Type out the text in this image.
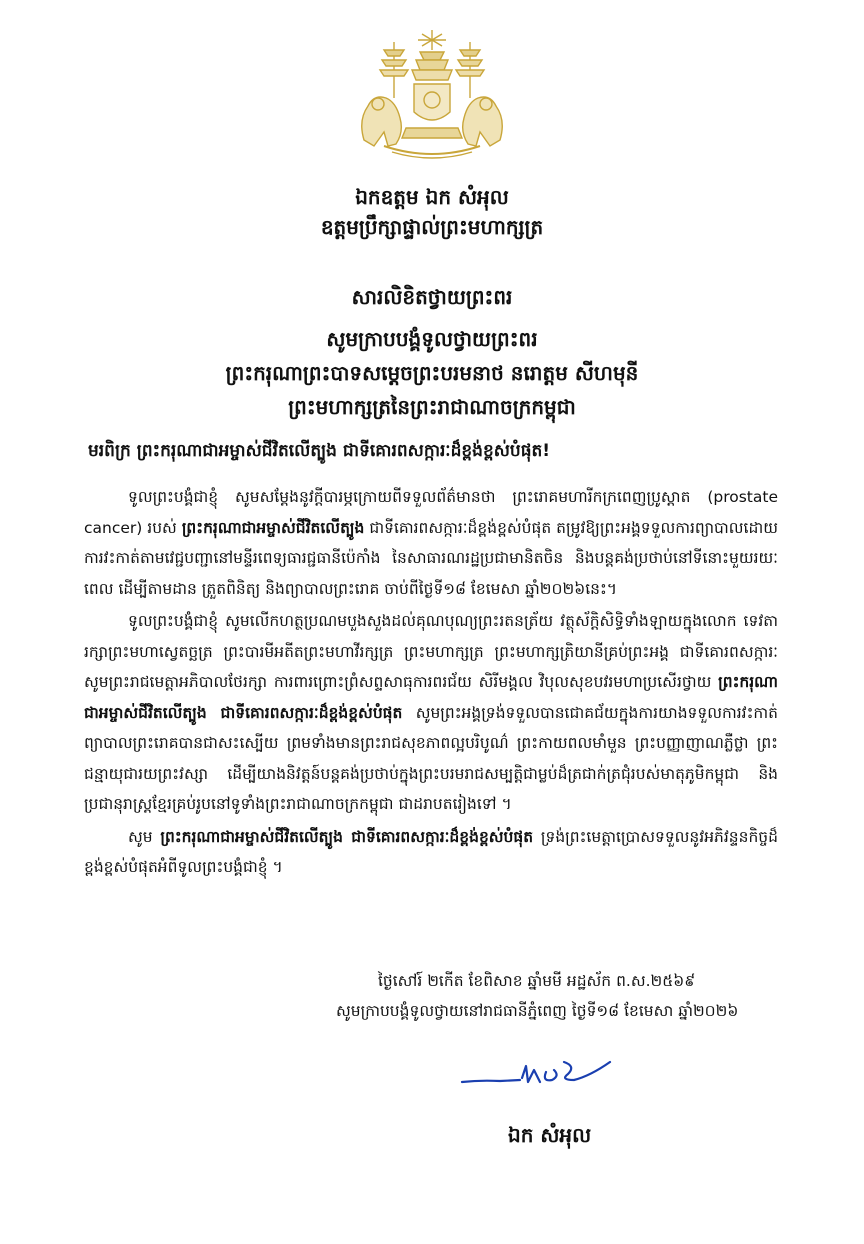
ឯកឧត្តម ឯក សំអុល
ឧត្តមប្រឹក្សាផ្ទាល់ព្រះមហាក្សត្រ
សារលិខិតថ្វាយព្រះពរ
សូមក្រាបបង្គំទូលថ្វាយព្រះពរ
ព្រះករុណាព្រះបាទសម្ដេចព្រះបរមនាថ នរោត្តម សីហមុនី
ព្រះមហាក្សត្រនៃព្រះរាជាណាចក្រកម្ពុជា
មរពិក្រ ព្រះករុណាជាអម្ចាស់ជីវិតលើត្បូង ជាទីគោរពសក្ការៈដ៏ខ្ពង់ខ្ពស់បំផុត!

ទូលព្រះបង្គំជាខ្ញុំ សូមសម្ដែងនូវក្ដីបារម្ភក្រោយពីទទួលព័ត៌មានថា ព្រះរោគមហារីកក្រពេញប្រូស្តាត (prostate cancer) របស់ ព្រះករុណាជាអម្ចាស់ជីវិតលើត្បូង ជាទីគោរពសក្ការៈដ៏ខ្ពង់ខ្ពស់បំផុត តម្រូវឱ្យព្រះអង្គទទួលការព្យាបាលដោយការវះកាត់តាមវេជ្ជបញ្ជានៅមន្ទីរពេទ្យធារជ្ជធានីប៉េកាំង នៃសាធារណរដ្ឋប្រជាមានិតចិន និងបន្តគង់ប្រថាប់នៅទីនោះមួយរយៈពេល ដើម្បីតាមដាន ត្រួតពិនិត្យ និងព្យាបាលព្រះរោគ ចាប់ពីថ្ងៃទី១៨ ខែមេសា ឆ្នាំ២០២៦នេះ។

ទូលព្រះបង្គំជាខ្ញុំ សូមលើកហត្ថប្រណមបួងសួងដល់គុណបុណ្យព្រះរតនត្រ័យ វត្ថុស័ក្ដិសិទ្ធិទាំងឡាយក្នុងលោក ទេវតារក្សាព្រះមហាស្វេតច្ឆត្រ ព្រះបារមីអតីតព្រះមហាវីរក្សត្រ ព្រះមហាក្សត្រ ព្រះមហាក្សត្រិយានីគ្រប់ព្រះអង្គ ជាទីគោរពសក្ការៈ សូមព្រះរាជមេត្តាអភិបាលថែរក្សា ការពារព្រោះព្រំសព្ទសាធុការពរជ័យ សិរីមង្គល វិបុលសុខបវរមហាប្រសើរថ្វាយ ព្រះករុណាជាអម្ចាស់ជីវិតលើត្បូង ជាទីគោរពសក្ការៈដ៏ខ្ពង់ខ្ពស់បំផុត សូមព្រះអង្គទ្រង់ទទួលបានជោគជ័យក្នុងការយាងទទួលការវះកាត់ព្យាបាលព្រះរោគបានជាសះស្បើយ ព្រមទាំងមានព្រះរាជសុខភាពល្អបរិបូណ៌ ព្រះកាយពលមាំមួន ព្រះបញ្ញាញាណភ្លឺថ្លា ព្រះជន្មាយុជារយព្រះវស្សា ដើម្បីយាងនិវត្តន៍បន្តគង់ប្រថាប់ក្នុងព្រះបរមរាជសម្បត្តិជាម្លប់ដ៏ត្រជាក់ត្រជុំរបស់មាតុភូមិកម្ពុជា និងប្រជានុរាស្ត្រខ្មែរគ្រប់រូបនៅទូទាំងព្រះរាជាណាចក្រកម្ពុជា ជាដរាបតរៀងទៅ ។

សូម ព្រះករុណាជាអម្ចាស់ជីវិតលើត្បូង ជាទីគោរពសក្ការៈដ៏ខ្ពង់ខ្ពស់បំផុត ទ្រង់ព្រះមេត្តាប្រោសទទួលនូវអភិវន្ទនកិច្ចដ៏ខ្ពង់ខ្ពស់បំផុតអំពីទូលព្រះបង្គំជាខ្ញុំ ។

ថ្ងៃសៅរ៍ ២កើត ខែពិសាខ ឆ្នាំមមី អដ្ឋស័ក ព.ស.២៥៦៩
សូមក្រាបបង្គំទូលថ្វាយនៅរាជធានីភ្នំពេញ ថ្ងៃទី១៨ ខែមេសា ឆ្នាំ២០២៦
ឯក សំអុល
